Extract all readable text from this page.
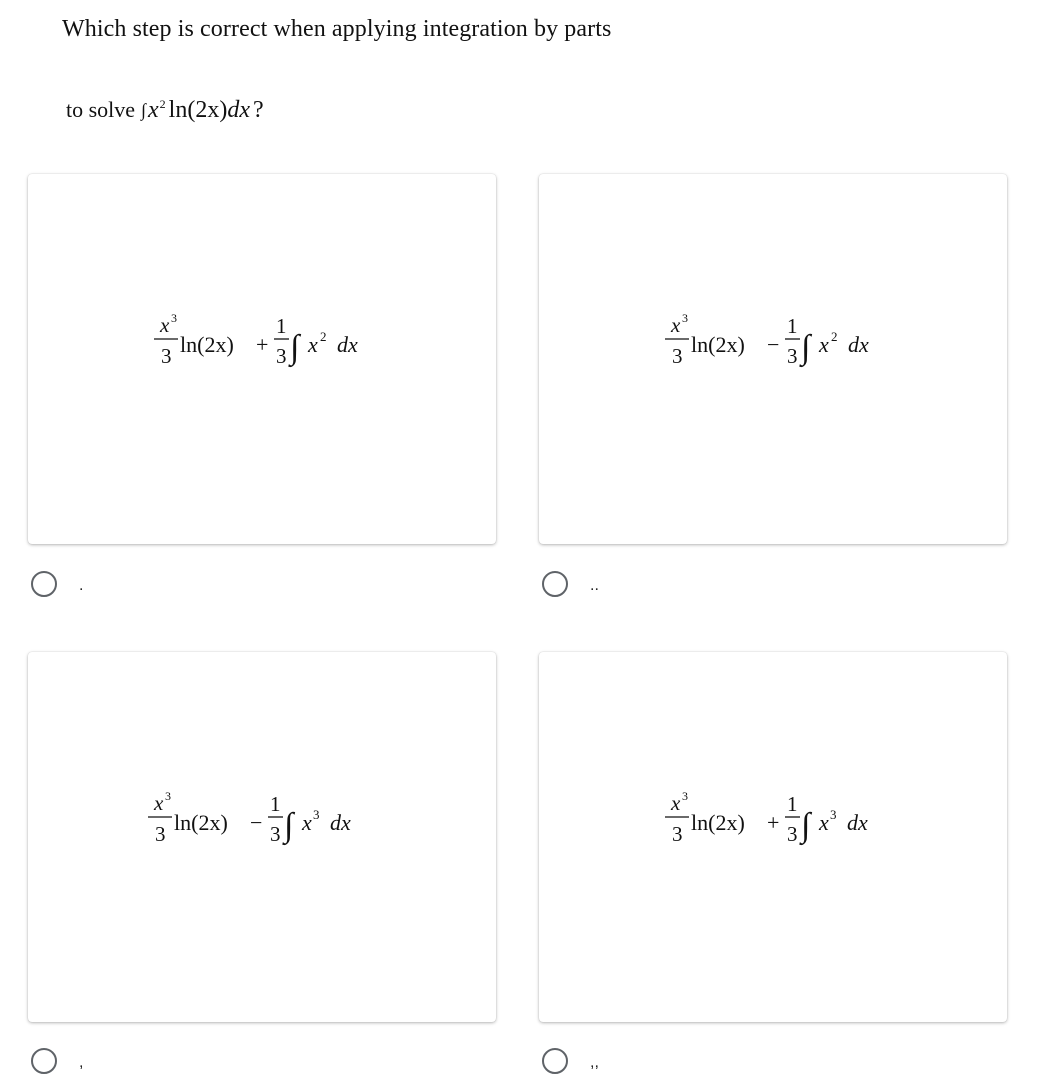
Which step is correct when applying integration by parts
to solve ∫ x 2 ln(2x) dx ?
x 3
3 ln(2x) +
1
3 ∫ x 2 dx
x 3
3 ln(2x) −
1
3 ∫ x 2 dx
x 3
3 ln(2x) −
1
3 ∫ x 3 dx
x 3
3 ln(2x) +
1
3 ∫ x 3 dx
.	..
,	,,
